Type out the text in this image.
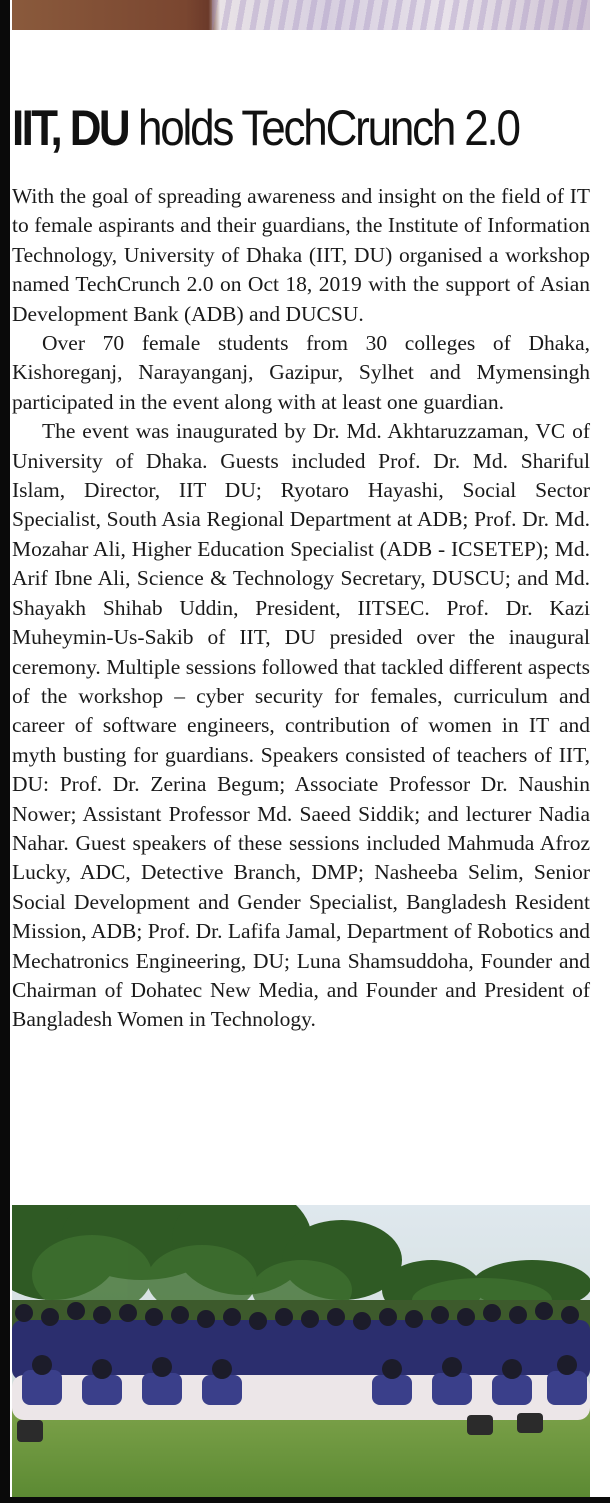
IIT, DU holds TechCrunch 2.0

With the goal of spreading awareness and insight on the field of IT to female aspirants and their guardians, the Institute of Information Technology, University of Dhaka (IIT, DU) organised a workshop named TechCrunch 2.0 on Oct 18, 2019 with the support of Asian Development Bank (ADB) and DUCSU.

Over 70 female students from 30 colleges of Dhaka, Kishoreganj, Narayanganj, Gazipur, Sylhet and Mymensingh participated in the event along with at least one guardian.

The event was inaugurated by Dr. Md. Akhtaruzzaman, VC of University of Dhaka. Guests included Prof. Dr. Md. Shariful Islam, Director, IIT DU; Ryotaro Hayashi, Social Sector Specialist, South Asia Regional Department at ADB; Prof. Dr. Md. Mozahar Ali, Higher Education Specialist (ADB - ICSETEP); Md. Arif Ibne Ali, Science & Technology Secretary, DUSCU; and Md. Shayakh Shihab Uddin, President, IITSEC. Prof. Dr. Kazi Muheymin-Us-Sakib of IIT, DU presided over the inaugural ceremony. Multiple sessions followed that tackled different aspects of the workshop – cyber security for females, curriculum and career of software engineers, contribution of women in IT and myth busting for guardians. Speakers consisted of teachers of IIT, DU: Prof. Dr. Zerina Begum; Associate Professor Dr. Naushin Nower; Assistant Professor Md. Saeed Siddik; and lecturer Nadia Nahar. Guest speakers of these sessions included Mahmuda Afroz Lucky, ADC, Detective Branch, DMP; Nasheeba Selim, Senior Social Development and Gender Specialist, Bangladesh Resident Mission, ADB; Prof. Dr. Lafifa Jamal, Department of Robotics and Mechatronics Engineering, DU; Luna Shamsuddoha, Founder and Chairman of Dohatec New Media, and Founder and President of Bangladesh Women in Technology.
